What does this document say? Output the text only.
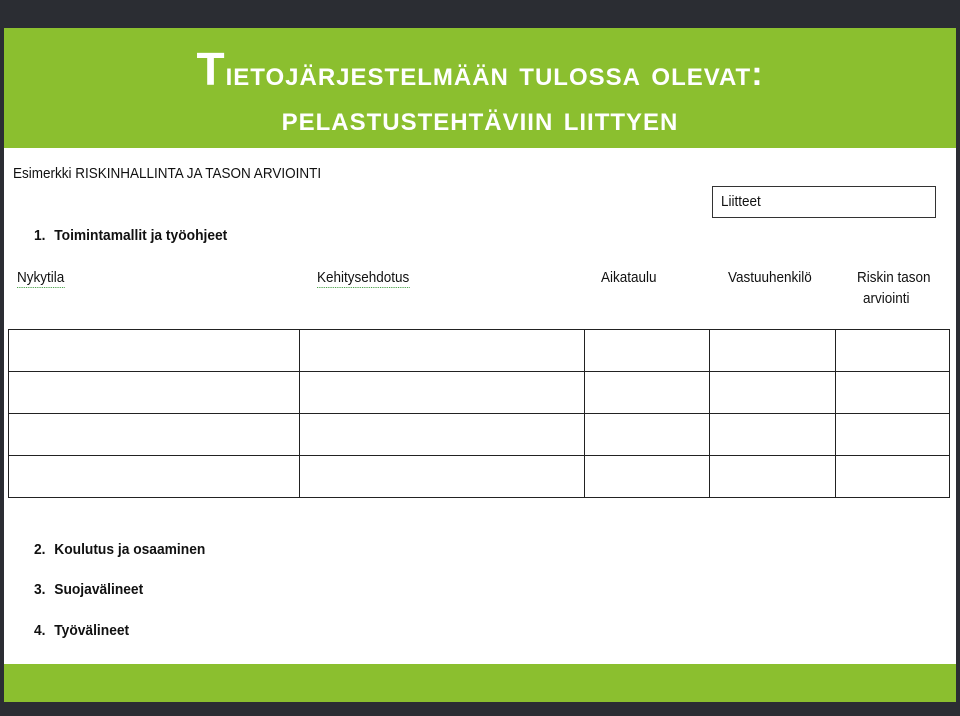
Tietojärjestelmään tulossa olevat:
pelastustehtäviin liittyen
Esimerkki RISKINHALLINTA JA TASON ARVIOINTI
Liitteet
1. Toimintamallit ja työohjeet
Nykytila	Kehitysehdotus	Aikataulu	Vastuuhenkilö	Riskin tason
arviointi

2. Koulutus ja osaaminen
3. Suojavälineet
4. Työvälineet
